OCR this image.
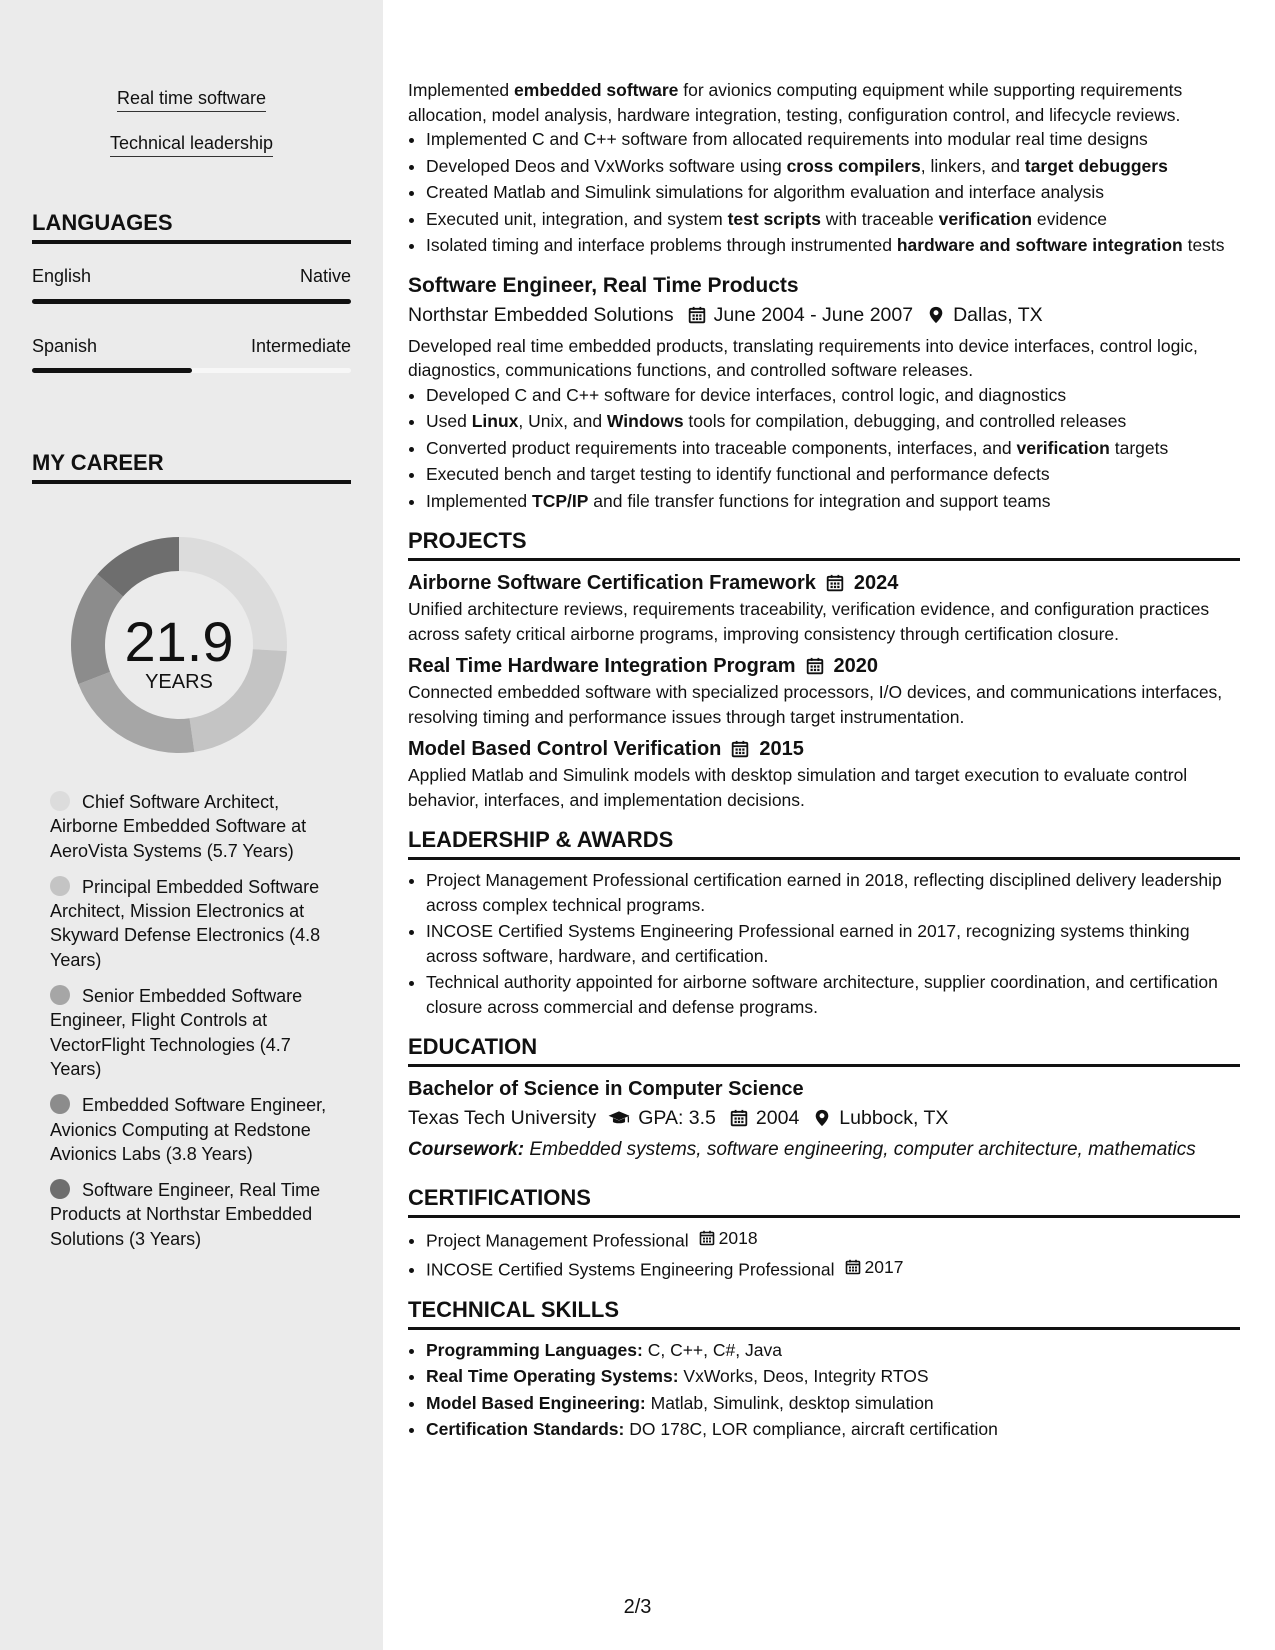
Real time software
Technical leadership
LANGUAGES
English	Native
Spanish	Intermediate
MY CAREER
21.9
YEARS
Chief Software Architect, Airborne Embedded Software at AeroVista Systems (5.7 Years)
Principal Embedded Software Architect, Mission Electronics at Skyward Defense Electronics (4.8 Years)
Senior Embedded Software Engineer, Flight Controls at VectorFlight Technologies (4.7 Years)
Embedded Software Engineer, Avionics Computing at Redstone Avionics Labs (3.8 Years)
Software Engineer, Real Time Products at Northstar Embedded Solutions (3 Years)

Implemented embedded software for avionics computing equipment while supporting requirements allocation, model analysis, hardware integration, testing, configuration control, and lifecycle reviews.

• Implemented C and C++ software from allocated requirements into modular real time designs
• Developed Deos and VxWorks software using cross compilers, linkers, and target debuggers
• Created Matlab and Simulink simulations for algorithm evaluation and interface analysis
• Executed unit, integration, and system test scripts with traceable verification evidence
• Isolated timing and interface problems through instrumented hardware and software integration tests
Software Engineer, Real Time Products
Northstar Embedded Solutions June 2004 - June 2007 Dallas, TX

Developed real time embedded products, translating requirements into device interfaces, control logic, diagnostics, communications functions, and controlled software releases.

• Developed C and C++ software for device interfaces, control logic, and diagnostics
• Used Linux, Unix, and Windows tools for compilation, debugging, and controlled releases
• Converted product requirements into traceable components, interfaces, and verification targets
• Executed bench and target testing to identify functional and performance defects
• Implemented TCP/IP and file transfer functions for integration and support teams
PROJECTS
Airborne Software Certification Framework 2024

Unified architecture reviews, requirements traceability, verification evidence, and configuration practices across safety critical airborne programs, improving consistency through certification closure.

Real Time Hardware Integration Program 2020

Connected embedded software with specialized processors, I/O devices, and communications interfaces, resolving timing and performance issues through target instrumentation.

Model Based Control Verification 2015

Applied Matlab and Simulink models with desktop simulation and target execution to evaluate control behavior, interfaces, and implementation decisions.

LEADERSHIP & AWARDS
• Project Management Professional certification earned in 2018, reflecting disciplined delivery leadership across complex technical programs.
• INCOSE Certified Systems Engineering Professional earned in 2017, recognizing systems thinking across software, hardware, and certification.
• Technical authority appointed for airborne software architecture, supplier coordination, and certification closure across commercial and defense programs.
EDUCATION
Bachelor of Science in Computer Science
Texas Tech University GPA: 3.5 2004 Lubbock, TX
Coursework: Embedded systems, software engineering, computer architecture, mathematics
CERTIFICATIONS
• Project Management Professional 2018
• INCOSE Certified Systems Engineering Professional 2017
TECHNICAL SKILLS
• Programming Languages: C, C++, C#, Java
• Real Time Operating Systems: VxWorks, Deos, Integrity RTOS
• Model Based Engineering: Matlab, Simulink, desktop simulation
• Certification Standards: DO 178C, LOR compliance, aircraft certification
2/3
